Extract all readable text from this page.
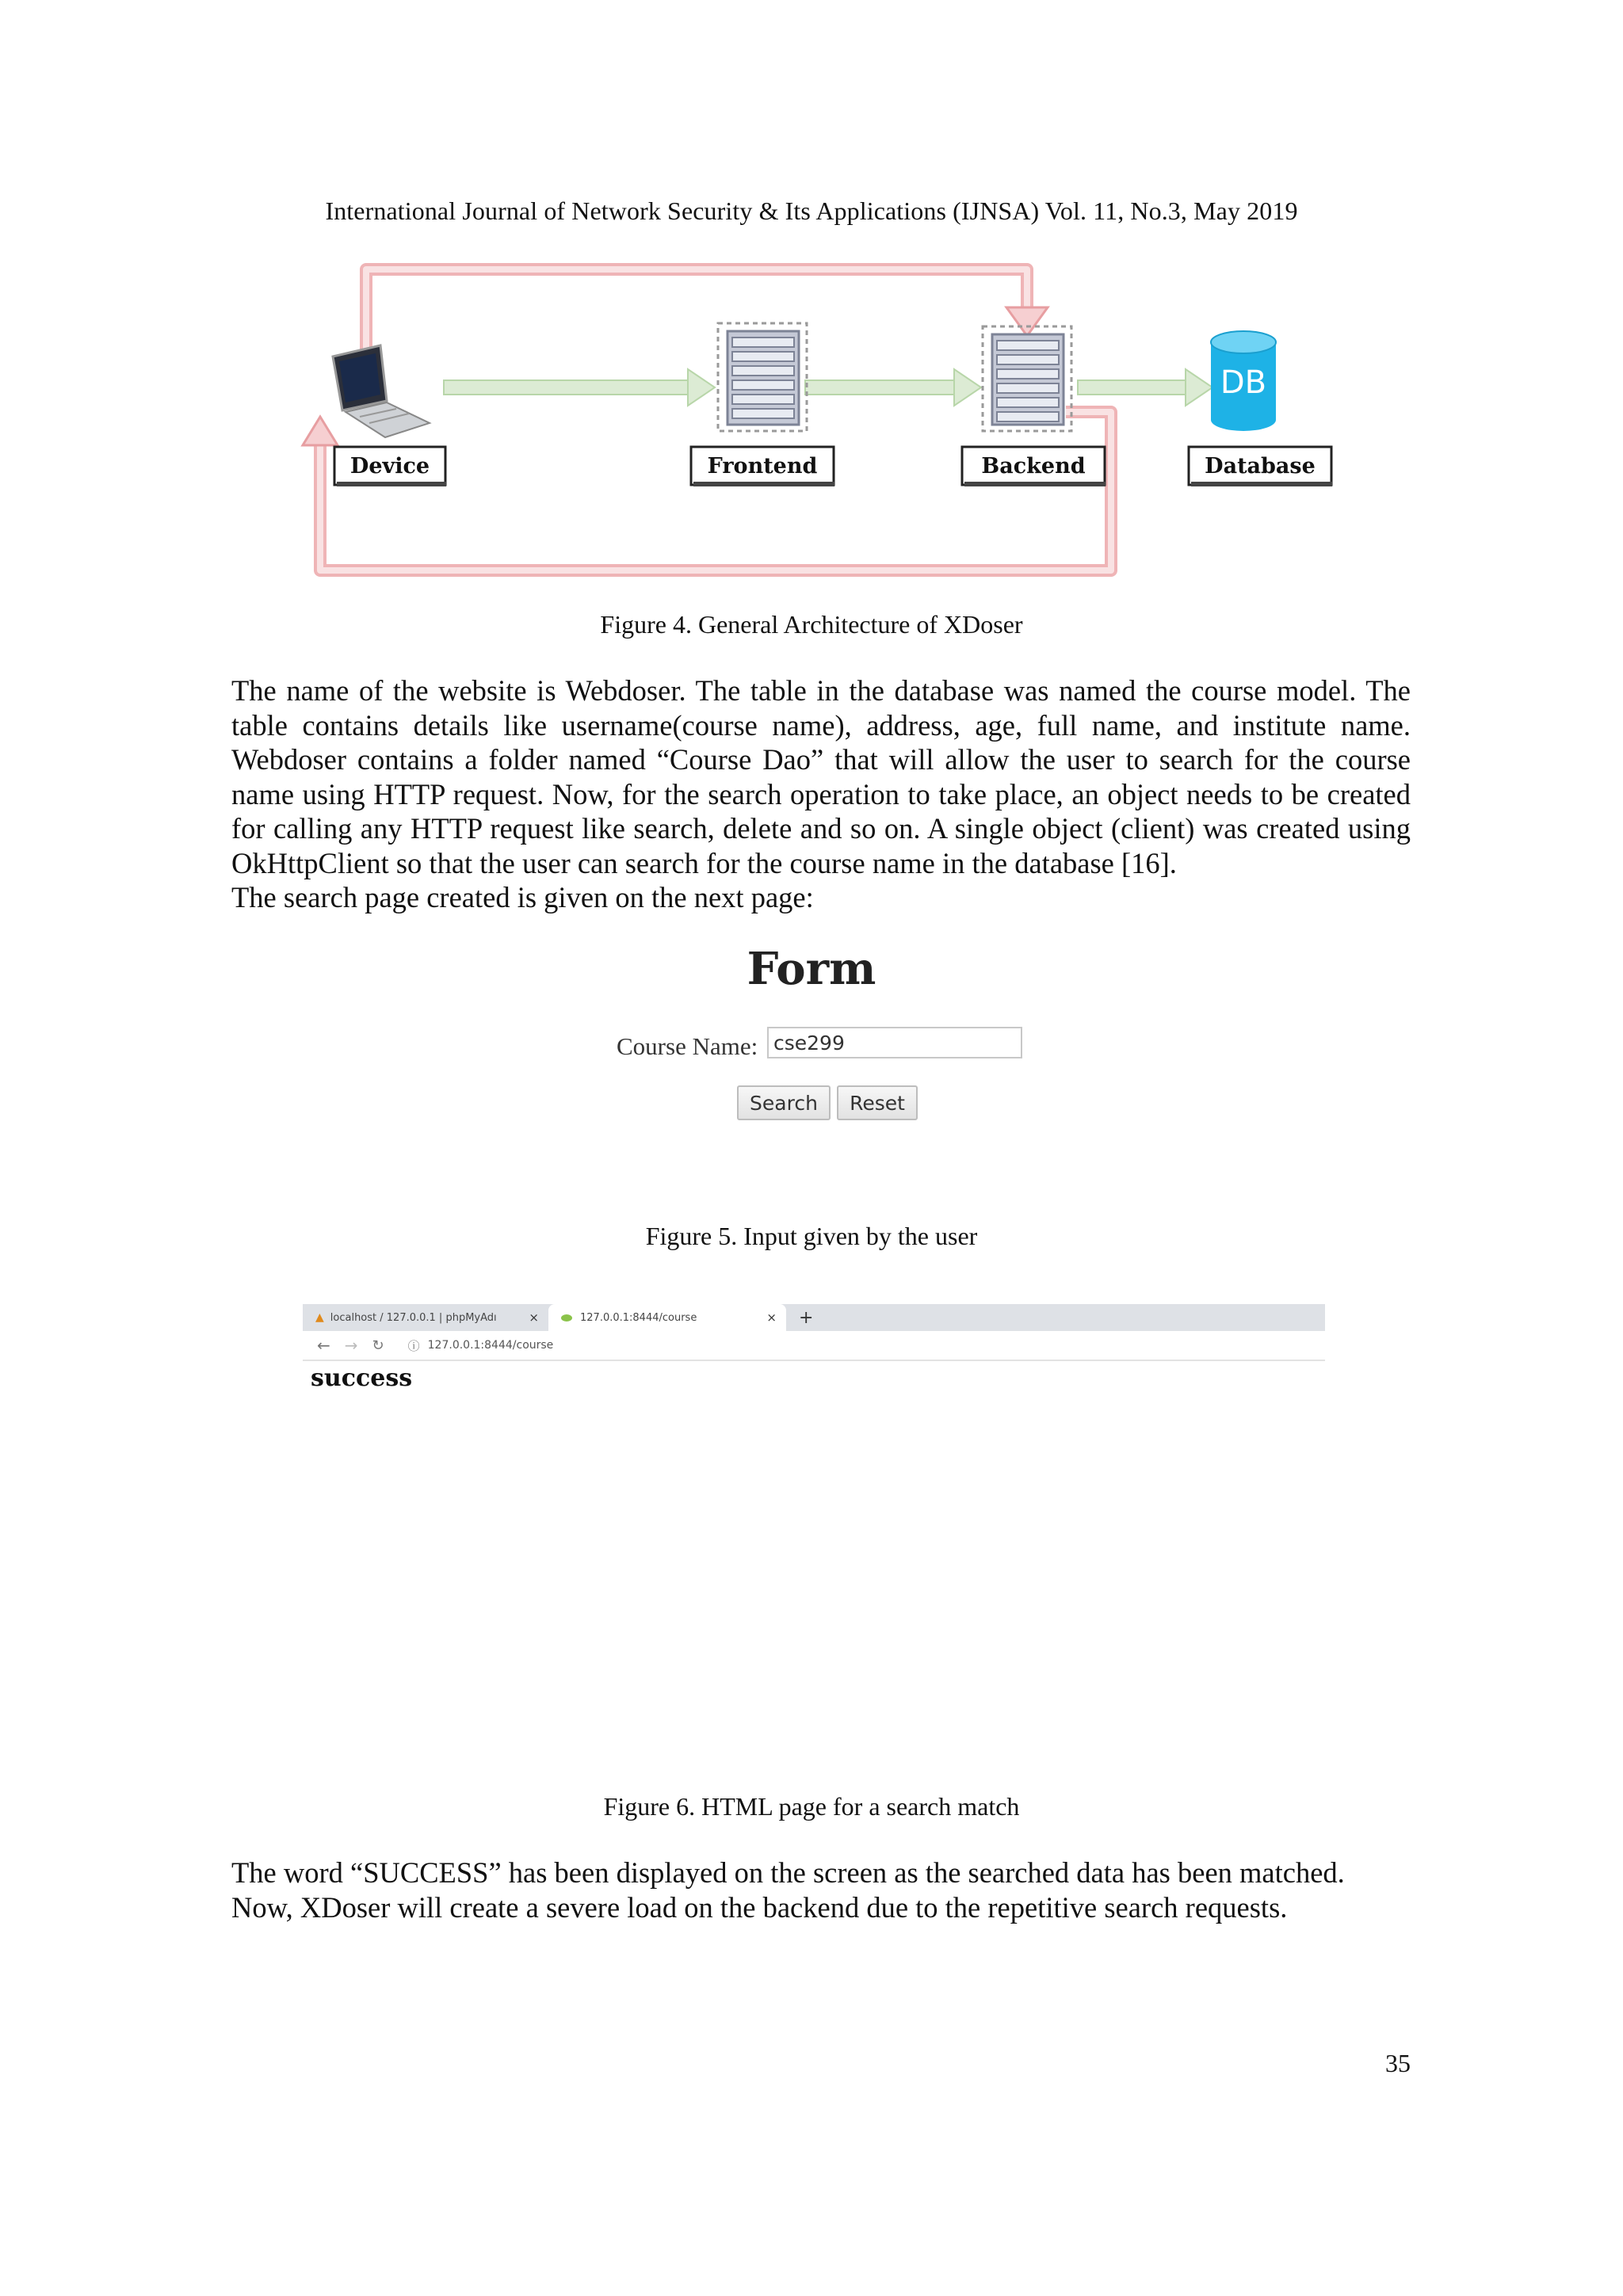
International Journal of Network Security & Its Applications (IJNSA) Vol. 11, No.3, May 2019
DB
Device	Frontend	Backend	Database
Figure 4. General Architecture of XDoser
The name of the website is Webdoser. The table in the database was named the course model. The table contains details like username(course name), address, age, full name, and institute name. Webdoser contains a folder named “Course Dao” that will allow the user to search for the course name using HTTP request. Now, for the search operation to take place, an object needs to be created for calling any HTTP request like search, delete and so on. A single object (client) was created using OkHttpClient so that the user can search for the course name in the database [16].
The search page created is given on the next page:
Form
Course Name: cse299
Search	Reset
Figure 5. Input given by the user
▲ localhost / 127.0.0.1 | phpMyAdı	×	127.0.0.1:8444/course	× +
← → ↻ ⓘ 127.0.0.1:8444/course
success
Figure 6. HTML page for a search match
The word “SUCCESS” has been displayed on the screen as the searched data has been matched.
Now, XDoser will create a severe load on the backend due to the repetitive search requests.
35
